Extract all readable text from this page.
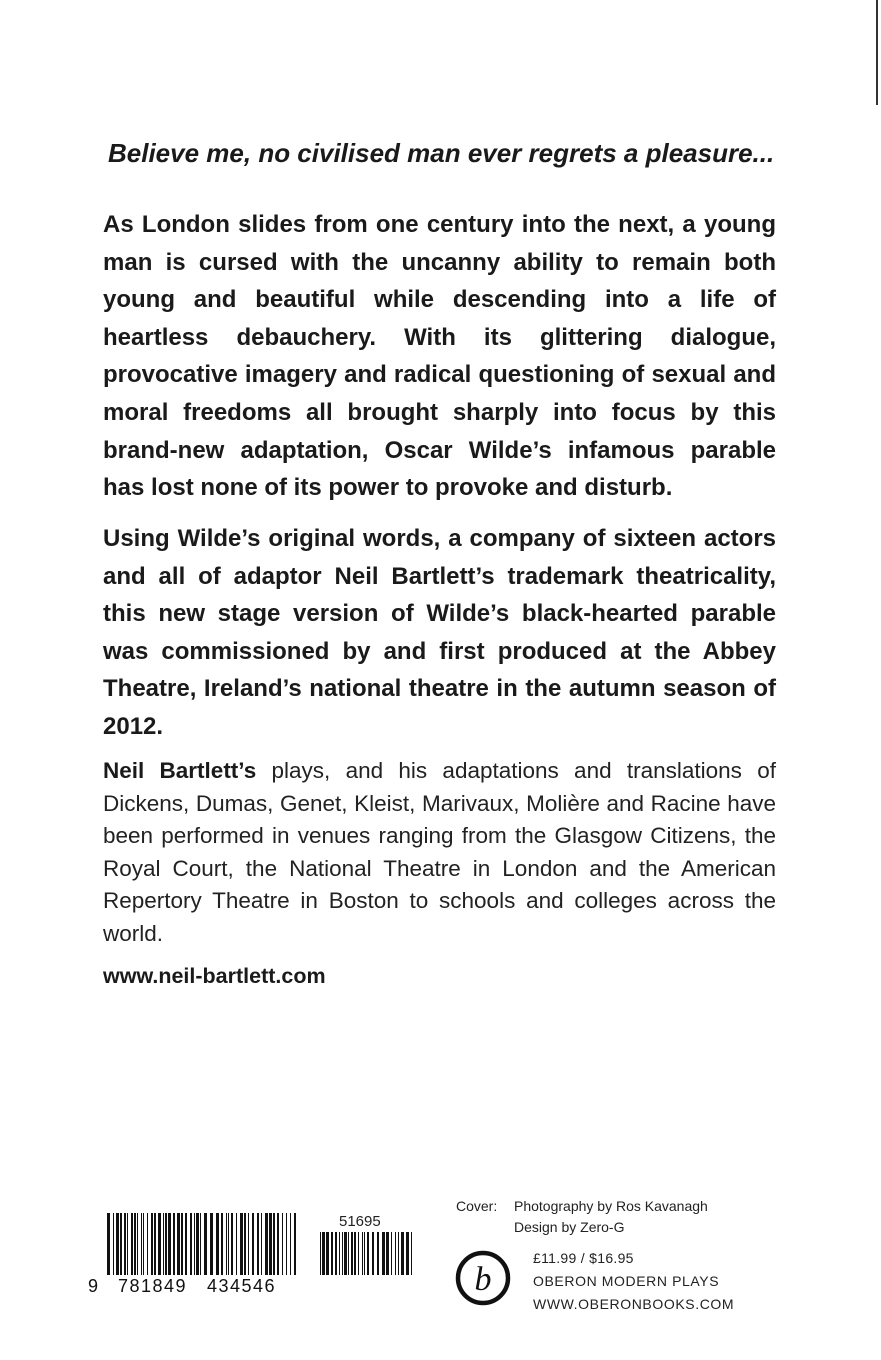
Believe me, no civilised man ever regrets a pleasure...

As London slides from one century into the next, a young man is cursed with the uncanny ability to remain both young and beautiful while descending into a life of heartless debauchery. With its glittering dialogue, provocative imagery and radical questioning of sexual and moral freedoms all brought sharply into focus by this brand-new adaptation, Oscar Wilde’s infamous parable has lost none of its power to provoke and disturb.

Using Wilde’s original words, a company of sixteen actors and all of adaptor Neil Bartlett’s trademark theatricality, this new stage version of Wilde’s black-hearted parable was commissioned by and first produced at the Abbey Theatre, Ireland’s national theatre in the autumn season of 2012.

Neil Bartlett’s plays, and his adaptations and translations of Dickens, Dumas, Genet, Kleist, Marivaux, Molière and Racine have been performed in venues ranging from the Glasgow Citizens, the Royal Court, the National Theatre in London and the American Repertory Theatre in Boston to schools and colleges across the world.

www.neil-bartlett.com

9 781849 434546
51695
Cover: Photography by Ros Kavanagh
Design by Zero-G
b
£11.99 / $16.95
OBERON MODERN PLAYS
WWW.OBERONBOOKS.COM
